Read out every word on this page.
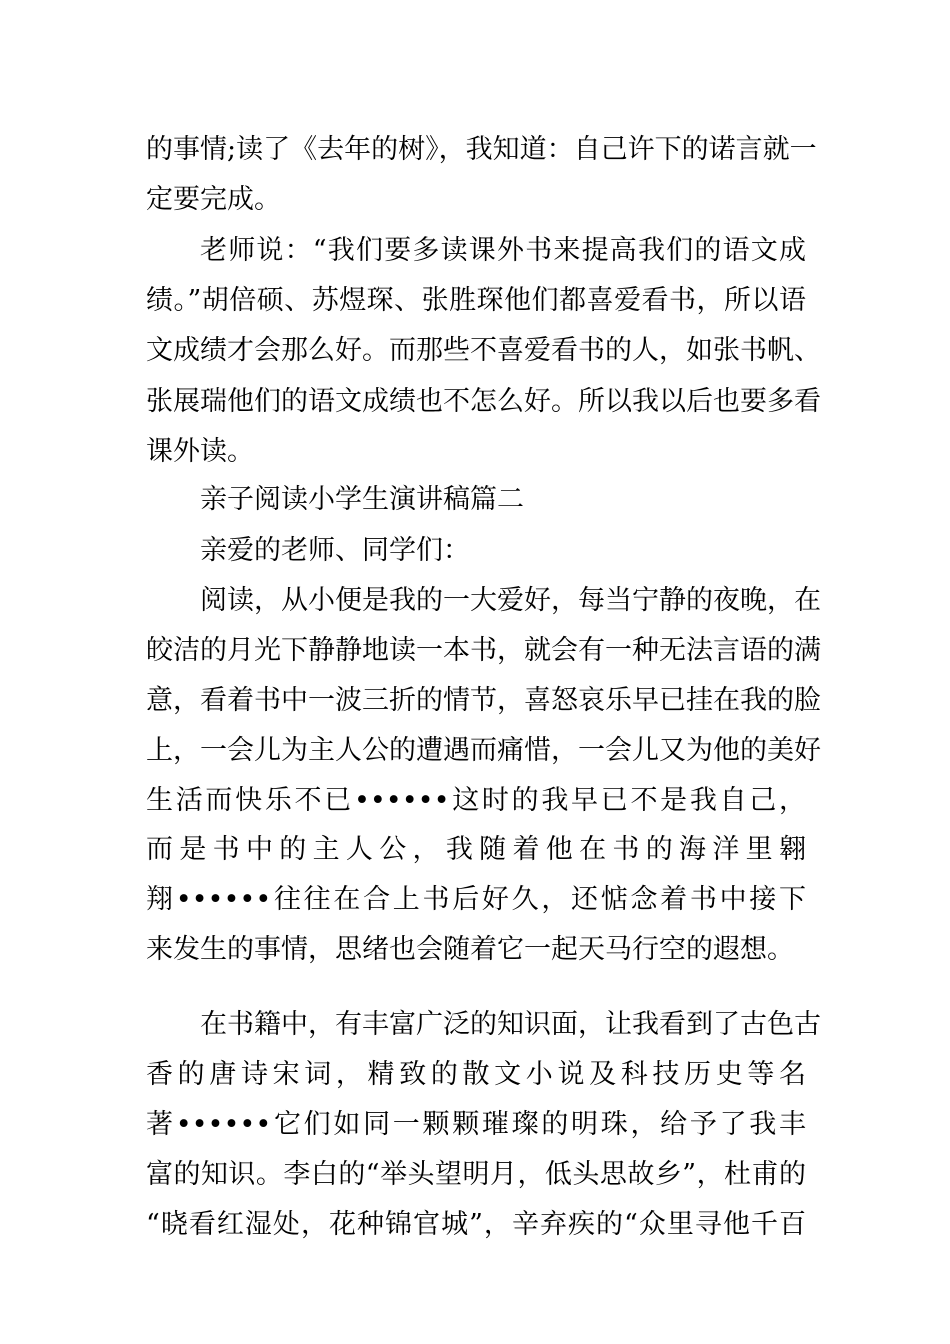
的事情;读了《去年的树》，我知道：自己许下的诺言就一
定要完成。
老师说：“我们要多读课外书来提高我们的语文成
绩。”胡倍硕、苏煜琛、张胜琛他们都喜爱看书，所以语
文成绩才会那么好。而那些不喜爱看书的人，如张书帆、
张展瑞他们的语文成绩也不怎么好。所以我以后也要多看
课外读。
亲子阅读小学生演讲稿篇二
亲爱的老师、同学们：
阅读，从小便是我的一大爱好，每当宁静的夜晚，在
皎洁的月光下静静地读一本书，就会有一种无法言语的满
意，看着书中一波三折的情节，喜怒哀乐早已挂在我的脸
上，一会儿为主人公的遭遇而痛惜，一会儿又为他的美好
生活而快乐不已••••••这时的我早已不是我自己，
而是书中的主人公，我随着他在书的海洋里翱
翔••••••往往在合上书后好久，还惦念着书中接下
来发生的事情，思绪也会随着它一起天马行空的遐想。
在书籍中，有丰富广泛的知识面，让我看到了古色古
香的唐诗宋词，精致的散文小说及科技历史等名
著••••••它们如同一颗颗璀璨的明珠，给予了我丰
富的知识。李白的“举头望明月，低头思故乡”，杜甫的
“晓看红湿处，花种锦官城”，辛弃疾的“众里寻他千百
